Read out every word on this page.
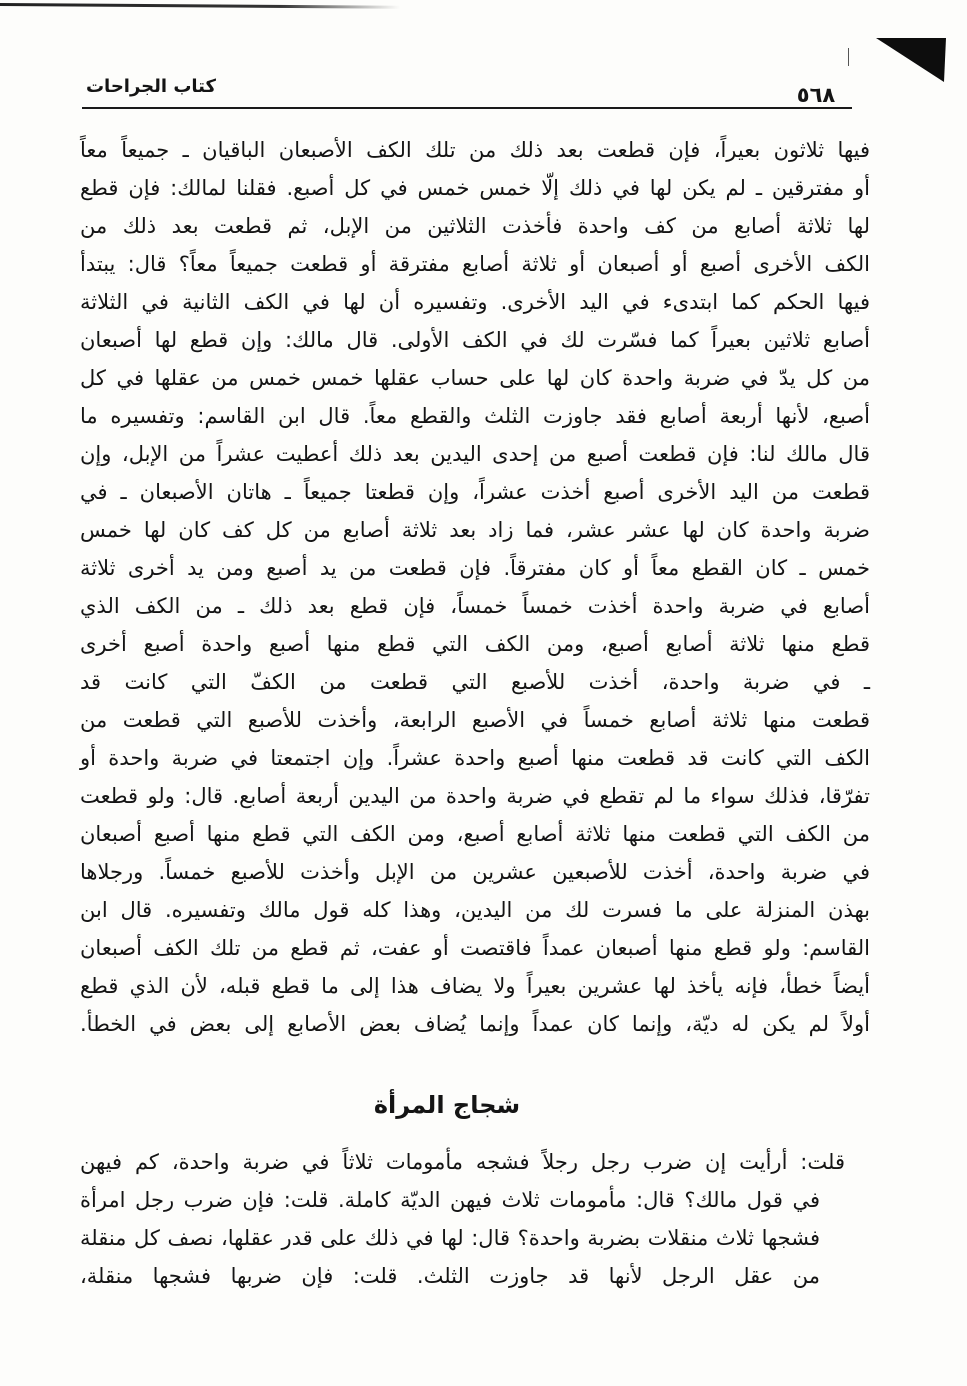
كتاب الجراحات	٥٦٨
فيها ثلاثون بعيراً، فإن قطعت بعد ذلك من تلك الكف الأصبعان الباقيان ـ جميعاً معاً
أو مفترقين ـ لم يكن لها في ذلك إلّا خمس خمس في كل أصبع. فقلنا لمالك: فإن قطع
لها ثلاثة أصابع من كف واحدة فأخذت الثلاثين من الإبل، ثم قطعت بعد ذلك من
الكف الأخرى أصبع أو أصبعان أو ثلاثة أصابع مفترقة أو قطعت جميعاً معاً؟ قال: يبتدأ
فيها الحكم كما ابتدىء في اليد الأخرى. وتفسيره أن لها في الكف الثانية في الثلاثة
أصابع ثلاثين بعيراً كما فسّرت لك في الكف الأولى. قال مالك: وإن قطع لها أصبعان
من كل يدّ في ضربة واحدة كان لها على حساب عقلها خمس خمس من عقلها في كل
أصبع، لأنها أربعة أصابع فقد جاوزت الثلث والقطع معاً. قال ابن القاسم: وتفسيره ما
قال مالك لنا: فإن قطعت أصبع من إحدى اليدين بعد ذلك أعطيت عشراً من الإبل، وإن
قطعت من اليد الأخرى أصبع أخذت عشراً، وإن قطعتا جميعاً ـ هاتان الأصبعان ـ في
ضربة واحدة كان لها عشر عشر، فما زاد بعد ثلاثة أصابع من كل كف كان لها خمس
خمس ـ كان القطع معاً أو كان مفترقاً. فإن قطعت من يد أصبع ومن يد أخرى ثلاثة
أصابع في ضربة واحدة أخذت خمساً خمساً، فإن قطع بعد ذلك ـ من الكف الذي
قطع منها ثلاثة أصابع أصبع، ومن الكف التي قطع منها أصبع واحدة أصبع أخرى
ـ في ضربة واحدة، أخذت للأصبع التي قطعت من الكفّ التي كانت قد
قطعت منها ثلاثة أصابع خمساً في الأصبع الرابعة، وأخذت للأصبع التي قطعت من
الكف التي كانت قد قطعت منها أصبع واحدة عشراً. وإن اجتمعتا في ضربة واحدة أو
تفرّقا، فذلك سواء ما لم تقطع في ضربة واحدة من اليدين أربعة أصابع. قال: ولو قطعت
من الكف التي قطعت منها ثلاثة أصابع أصبع، ومن الكف التي قطع منها أصبع أصبعان
في ضربة واحدة، أخذت للأصبعين عشرين من الإبل وأخذت للأصبع خمساً. ورجلاها
بهذن المنزلة على ما فسرت لك من اليدين، وهذا كله قول مالك وتفسيره. قال ابن
القاسم: ولو قطع منها أصبعان عمداً فاقتصت أو عفت، ثم قطع من تلك الكف أصبعان
أيضاً خطأ، فإنه يأخذ لها عشرين بعيراً ولا يضاف هذا إلى ما قطع قبله، لأن الذي قطع
أولاً لم يكن له ديّة، وإنما كان عمداً وإنما يُضاف بعض الأصابع إلى بعض في الخطأ.
شجاج المرأة
قلت: أرأيت إن ضرب رجل رجلاً فشجه مأمومات ثلاثاً في ضربة واحدة، كم فيهن
في قول مالك؟ قال: مأمومات ثلاث فيهن الديّة كاملة. قلت: فإن ضرب رجل امرأة
فشجها ثلاث منقلات بضربة واحدة؟ قال: لها في ذلك على قدر عقلها، نصف كل منقلة
من عقل الرجل لأنها قد جاوزت الثلث. قلت: فإن ضربها فشجها منقلة،
